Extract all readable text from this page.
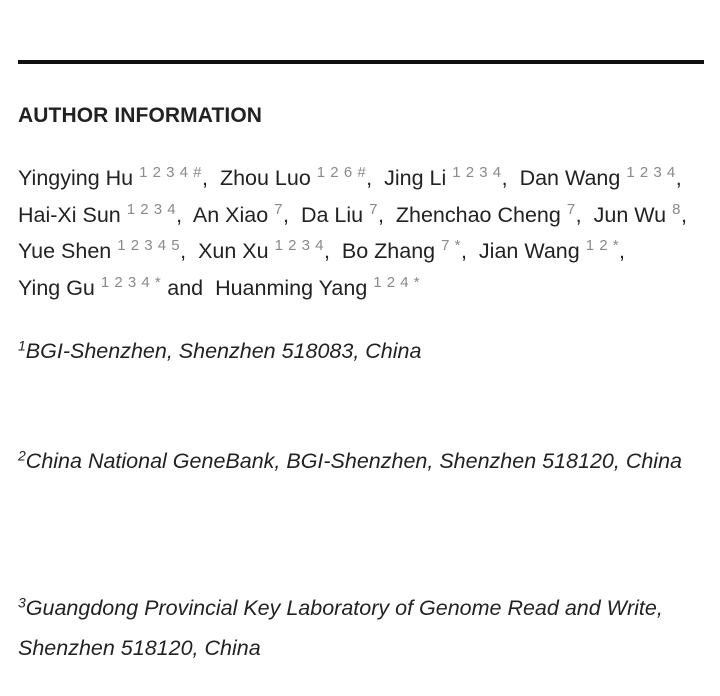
AUTHOR INFORMATION
Yingying Hu $^{1 2 3 4 \#}$,  Zhou Luo $^{1 2 6 \#}$,  Jing Li $^{1 2 3 4}$,  Dan Wang $^{1 2 3 4}$,  Hai-Xi Sun $^{1 2 3 4}$,  An Xiao $^7$,  Da Liu $^7$,  Zhenchao Cheng $^7$,  Jun Wu $^8$,  Yue Shen $^{1 2 3 4 5}$,  Xun Xu $^{1 2 3 4}$,  Bo Zhang $^{7 *}$,  Jian Wang $^{1 2 *}$,  Ying Gu $^{1 2 3 4 *}$ and  Huanming Yang $^{1 2 4 *}$
$^1$BGI-Shenzhen, Shenzhen 518083, China
$^2$China National GeneBank, BGI-Shenzhen, Shenzhen 518120, China
$^3$Guangdong Provincial Key Laboratory of Genome Read and Write, Shenzhen 518120, China
